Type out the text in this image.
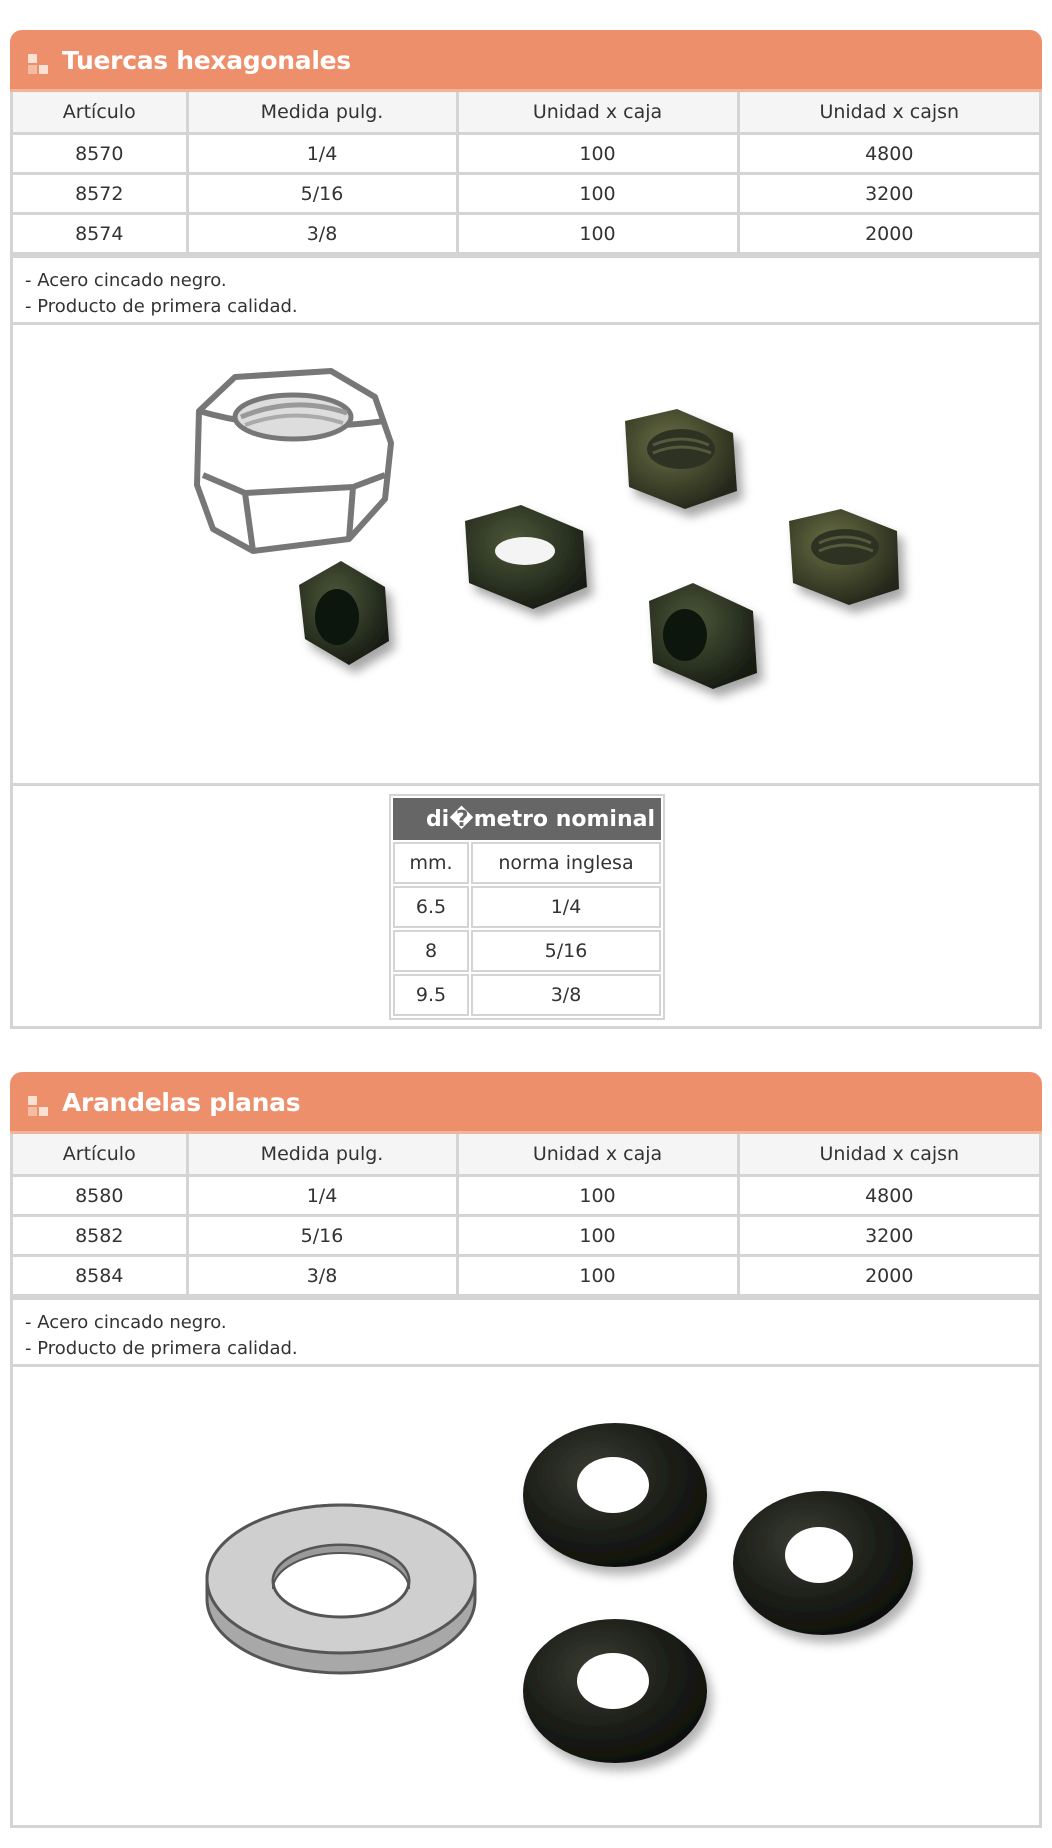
Tuercas hexagonales
Artículo	Medida pulg.	Unidad x caja	Unidad x cajsn
8570	1/4	100	4800
8572	5/16	100	3200
8574	3/8	100	2000
- Acero cincado negro.
- Producto de primera calidad.
di�metro nominal	
mm.	norma inglesa
6.5	1/4
8	5/16
9.5	3/8
Arandelas planas
Artículo	Medida pulg.	Unidad x caja	Unidad x cajsn
8580	1/4	100	4800
8582	5/16	100	3200
8584	3/8	100	2000
- Acero cincado negro.
- Producto de primera calidad.
